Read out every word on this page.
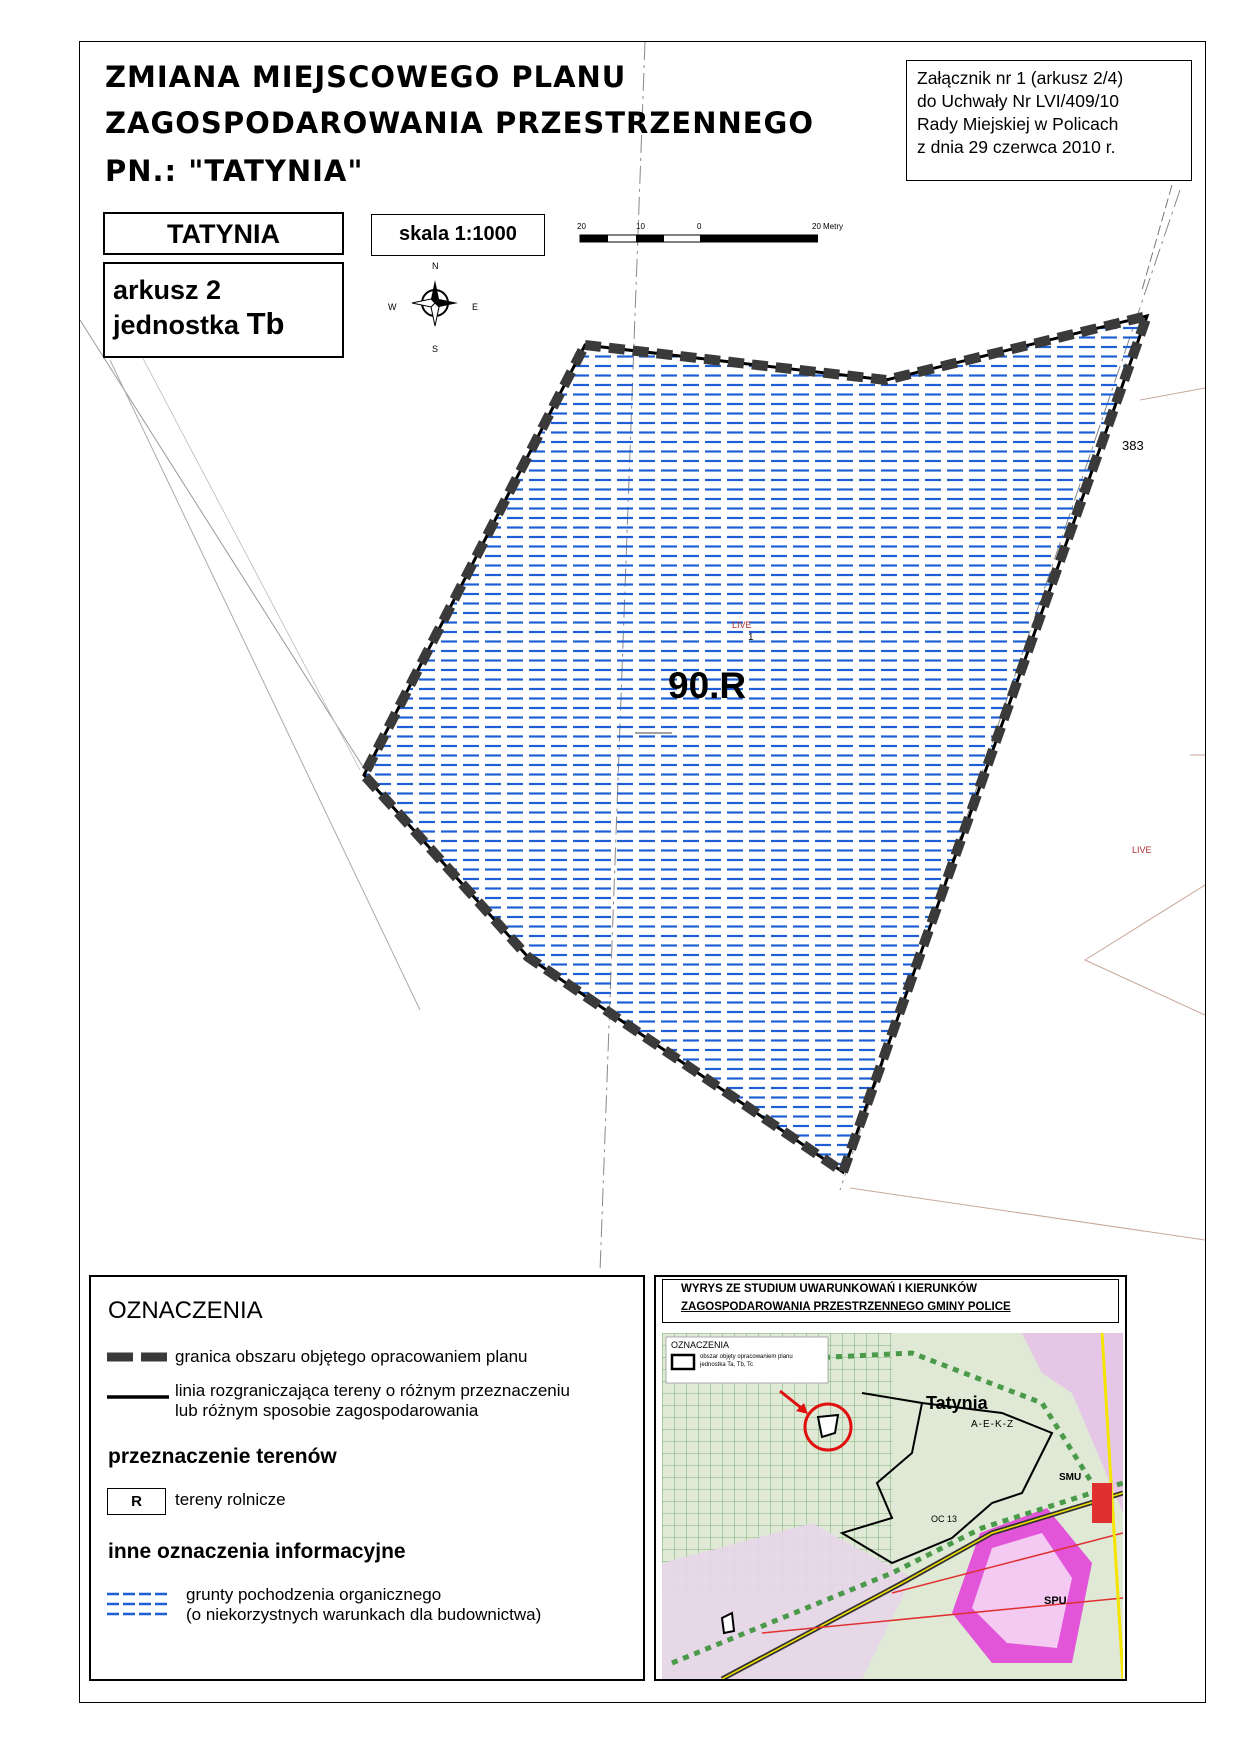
90.R
LIVE
1
LIVE
383
ZMIANA MIEJSCOWEGO PLANU
ZAGOSPODAROWANIA PRZESTRZENNEGO
PN.: "TATYNIA"
Załącznik nr 1 (arkusz 2/4)
do Uchwały Nr LVI/409/10
Rady Miejskiej w Policach
z dnia 29 czerwca 2010 r.
TATYNIA
arkusz 2
jednostka Tb
skala 1:1000	20	10	0	20 Metry
N
E
S
W
OZNACZENIA
granica obszaru objętego opracowaniem planu
linia rozgraniczająca tereny o różnym przeznaczeniu
lub różnym sposobie zagospodarowania
przeznaczenie terenów
R	tereny rolnicze
inne oznaczenia informacyjne
grunty pochodzenia organicznego
(o niekorzystnych warunkach dla budownictwa)
WYRYS ZE STUDIUM UWARUNKOWAŃ I KIERUNKÓW
ZAGOSPODAROWANIA PRZESTRZENNEGO GMINY POLICE
OZNACZENIA
obszar objęty opracowaniem planu
jednostka Ta, Tb, Tc
Tatynia
A-E-K-Z
SMU
OC 13
SPU
